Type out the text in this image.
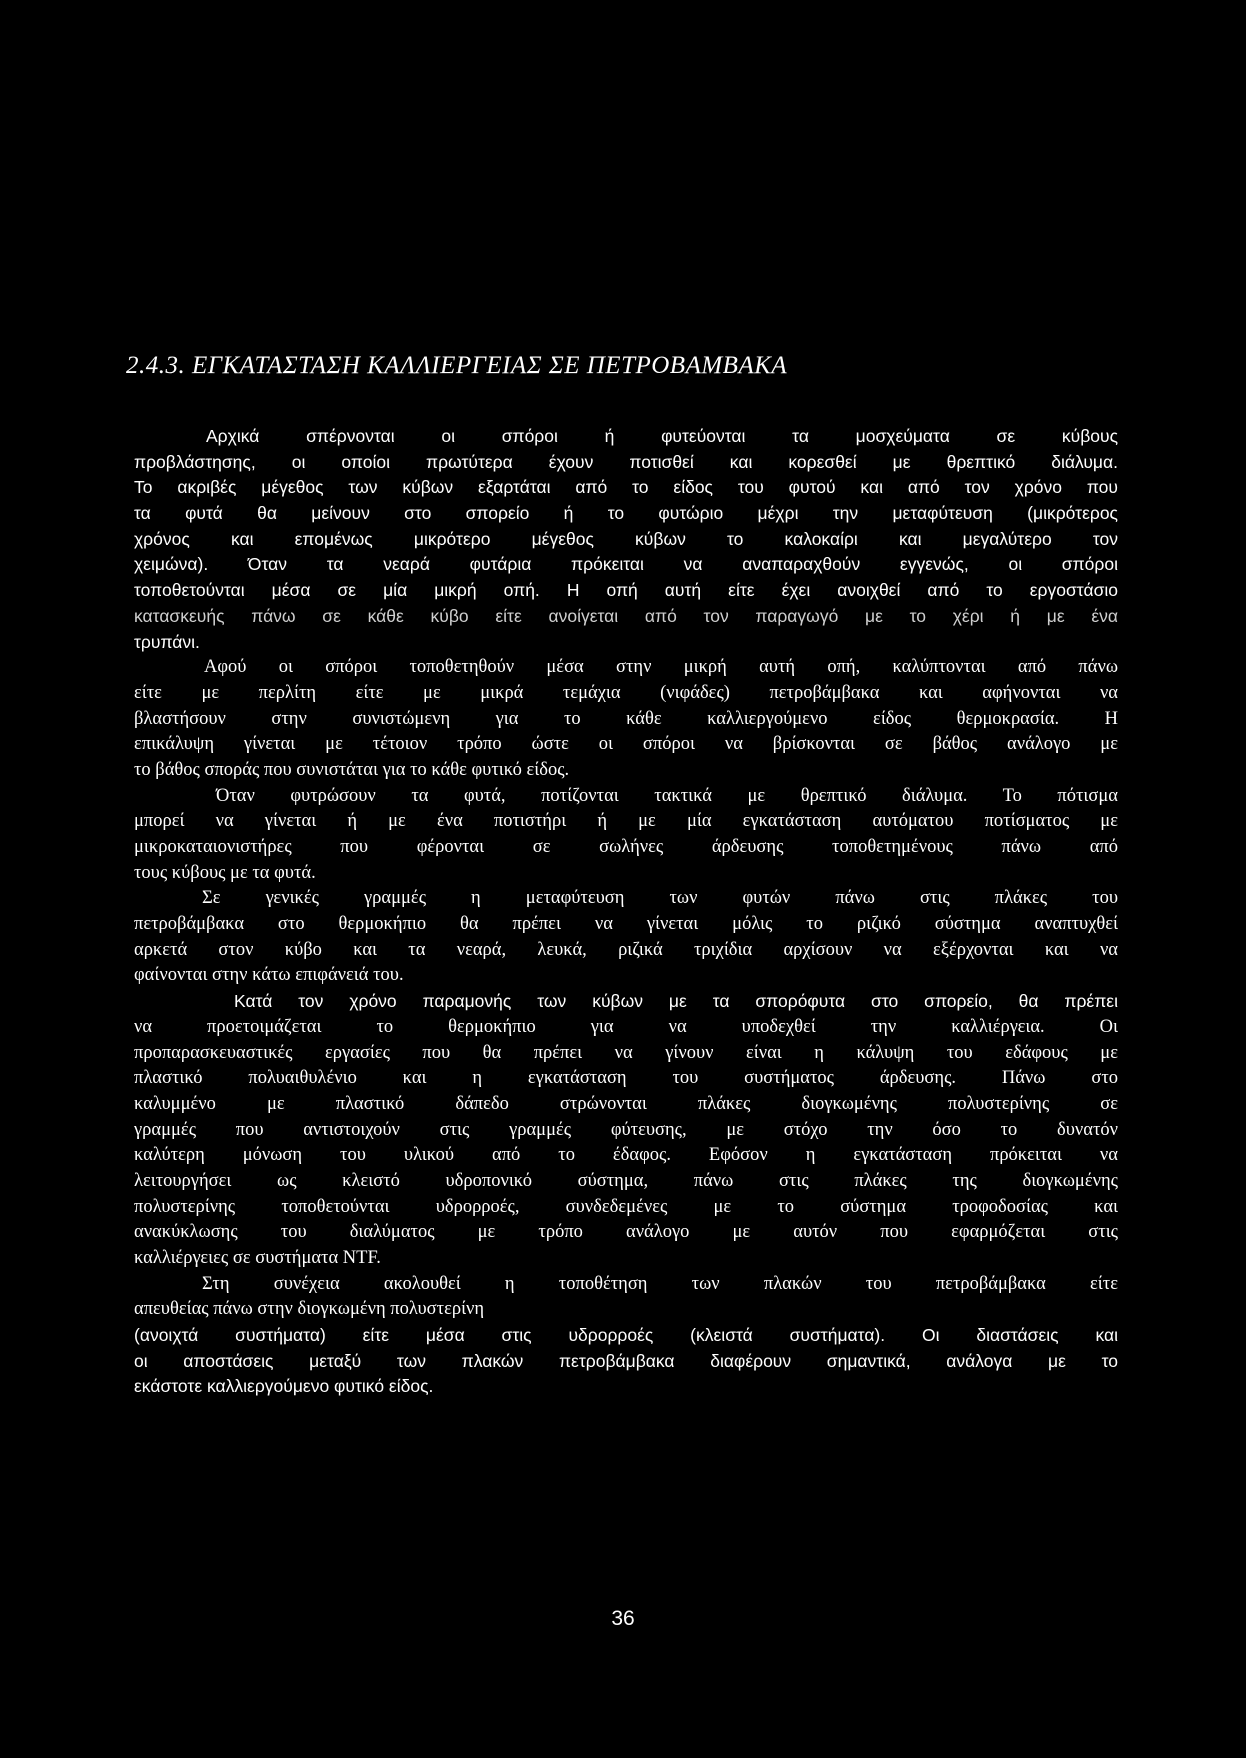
2.4.3. ΕΓΚΑΤΑΣΤΑΣΗ ΚΑΛΛΙΕΡΓΕΙΑΣ ΣΕ ΠΕΤΡΟΒΑΜΒΑΚΑ
Αρχικά σπέρνονται οι σπόροι ή φυτεύονται τα μοσχεύματα σε κύβους
προβλάστησης, οι οποίοι πρωτύτερα έχουν ποτισθεί και κορεσθεί με θρεπτικό διάλυμα.
Το ακριβές μέγεθος των κύβων εξαρτάται από το είδος του φυτού και από τον χρόνο που
τα φυτά θα μείνουν στο σπορείο ή το φυτώριο μέχρι την μεταφύτευση (μικρότερος
χρόνος και επομένως μικρότερο μέγεθος κύβων το καλοκαίρι και μεγαλύτερο τον
χειμώνα). Όταν τα νεαρά φυτάρια πρόκειται να αναπαραχθούν εγγενώς, οι σπόροι
τοποθετούνται μέσα σε μία μικρή οπή. Η οπή αυτή είτε έχει ανοιχθεί από το εργοστάσιο
κατασκευής πάνω σε κάθε κύβο είτε ανοίγεται από τον παραγωγό με το χέρι ή με ένα
τρυπάνι.
Αφού οι σπόροι τοποθετηθούν μέσα στην μικρή αυτή οπή, καλύπτονται από πάνω
είτε με περλίτη είτε με μικρά τεμάχια (νιφάδες) πετροβάμβακα και αφήνονται να
βλαστήσουν στην συνιστώμενη για το κάθε καλλιεργούμενο είδος θερμοκρασία. Η
επικάλυψη γίνεται με τέτοιον τρόπο ώστε οι σπόροι να βρίσκονται σε βάθος ανάλογο με
το βάθος σποράς που συνιστάται για το κάθε φυτικό είδος.
Όταν φυτρώσουν τα φυτά, ποτίζονται τακτικά με θρεπτικό διάλυμα. Το πότισμα
μπορεί να γίνεται ή με ένα ποτιστήρι ή με μία εγκατάσταση αυτόματου ποτίσματος με
μικροκαταιονιστήρες που φέρονται σε σωλήνες άρδευσης τοποθετημένους πάνω από
τους κύβους με τα φυτά.
Σε γενικές γραμμές η μεταφύτευση των φυτών πάνω στις πλάκες του
πετροβάμβακα στο θερμοκήπιο θα πρέπει να γίνεται μόλις το ριζικό σύστημα αναπτυχθεί
αρκετά στον κύβο και τα νεαρά, λευκά, ριζικά τριχίδια αρχίσουν να εξέρχονται και να
φαίνονται στην κάτω επιφάνειά του.
Κατά τον χρόνο παραμονής των κύβων με τα σπορόφυτα στο σπορείο, θα πρέπει
να προετοιμάζεται το θερμοκήπιο για να υποδεχθεί την καλλιέργεια. Οι
προπαρασκευαστικές εργασίες που θα πρέπει να γίνουν είναι η κάλυψη του εδάφους με
πλαστικό πολυαιθυλένιο και η εγκατάσταση του συστήματος άρδευσης. Πάνω στο
καλυμμένο με πλαστικό δάπεδο στρώνονται πλάκες διογκωμένης πολυστερίνης σε
γραμμές που αντιστοιχούν στις γραμμές φύτευσης, με στόχο την όσο το δυνατόν
καλύτερη μόνωση του υλικού από το έδαφος. Εφόσον η εγκατάσταση πρόκειται να
λειτουργήσει ως κλειστό υδροπονικό σύστημα, πάνω στις πλάκες της διογκωμένης
πολυστερίνης τοποθετούνται υδρορροές, συνδεδεμένες με το σύστημα τροφοδοσίας και
ανακύκλωσης του διαλύματος με τρόπο ανάλογο με αυτόν που εφαρμόζεται στις
καλλιέργειες σε συστήματα NTF.
Στη συνέχεια ακολουθεί η τοποθέτηση των πλακών του πετροβάμβακα είτε
απευθείας πάνω στην διογκωμένη πολυστερίνη
(ανοιχτά συστήματα) είτε μέσα στις υδρορροές (κλειστά συστήματα). Οι διαστάσεις και
οι αποστάσεις μεταξύ των πλακών πετροβάμβακα διαφέρουν σημαντικά, ανάλογα με το
εκάστοτε καλλιεργούμενο φυτικό είδος.
36
